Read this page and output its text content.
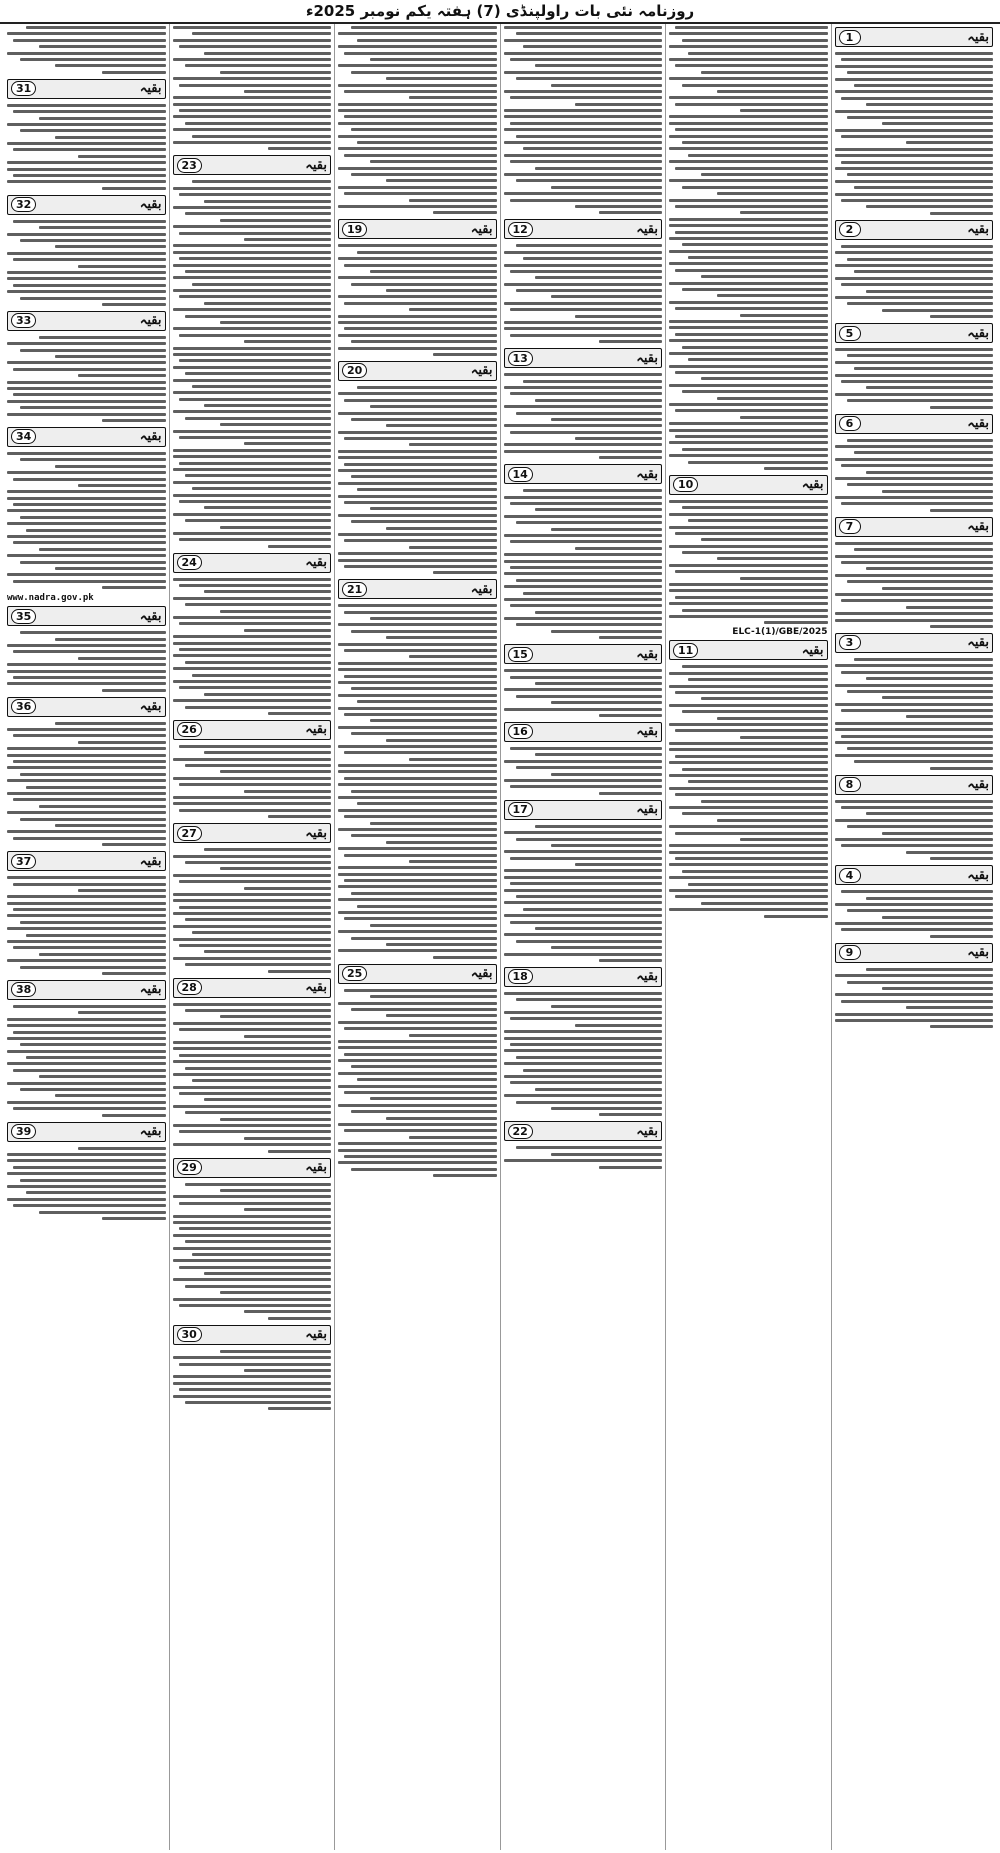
روزنامہ نئی بات راولپنڈی (7) ہفتہ یکم نومبر 2025ء
بقیہ
1
بقیہ
2
بقیہ
5
بقیہ
6
بقیہ
7
بقیہ
3
بقیہ
8
بقیہ
4
بقیہ
9
بقیہ
10
ELC-1(1)/GBE/2025
بقیہ
11
بقیہ
12
بقیہ
13
بقیہ
14
بقیہ
15
بقیہ
16
بقیہ
17
بقیہ
18
بقیہ
22
بقیہ
19
بقیہ
20
بقیہ
21
بقیہ
25
بقیہ
23
بقیہ
24
بقیہ
26
بقیہ
27
بقیہ
28
بقیہ
29
بقیہ
30
بقیہ
31
بقیہ
32
بقیہ
33
بقیہ
34
www.nadra.gov.pk
بقیہ
35
بقیہ
36
بقیہ
37
بقیہ
38
بقیہ
39
